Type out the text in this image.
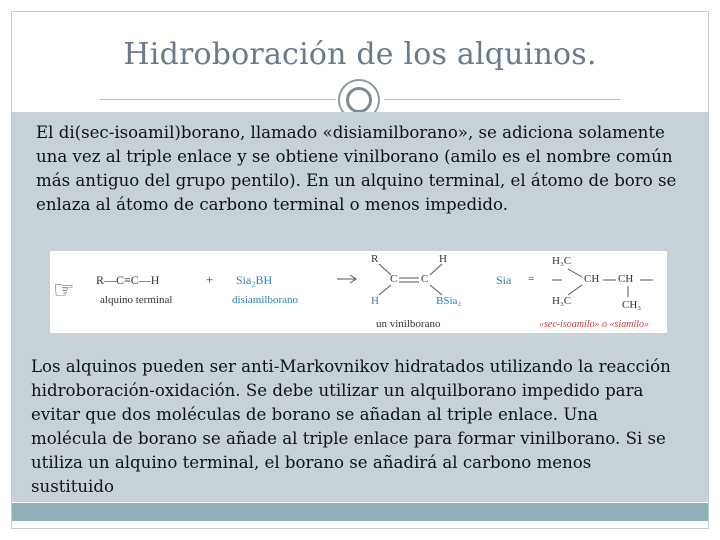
Hidroboración de los alquinos.
El di(sec-isoamil)borano, llamado «disiamilborano», se adiciona solamente una vez al triple enlace y se obtiene vinilborano (amilo es el nombre común más antiguo del grupo pentilo). En un alquino terminal, el átomo de boro se enlaza al átomo de carbono terminal o menos impedido.
R—C≡C—H
alquino terminal
+ Sia₂BH
disiamilborano
R	H
C C
H	BSia₂
un vinilborano
Sia =
H₃C
CH CH
H₃C	CH₃
«sec-isoamilo» o «siamilo»
☞
Los alquinos pueden ser anti-Markovnikov hidratados utilizando la reacción hidroboración-oxidación. Se debe utilizar un alquilborano impedido para evitar que dos moléculas de borano se añadan al triple enlace. Una molécula de borano se añade al triple enlace para formar vinilborano. Si se utiliza un alquino terminal, el borano se añadirá al carbono menos sustituido
